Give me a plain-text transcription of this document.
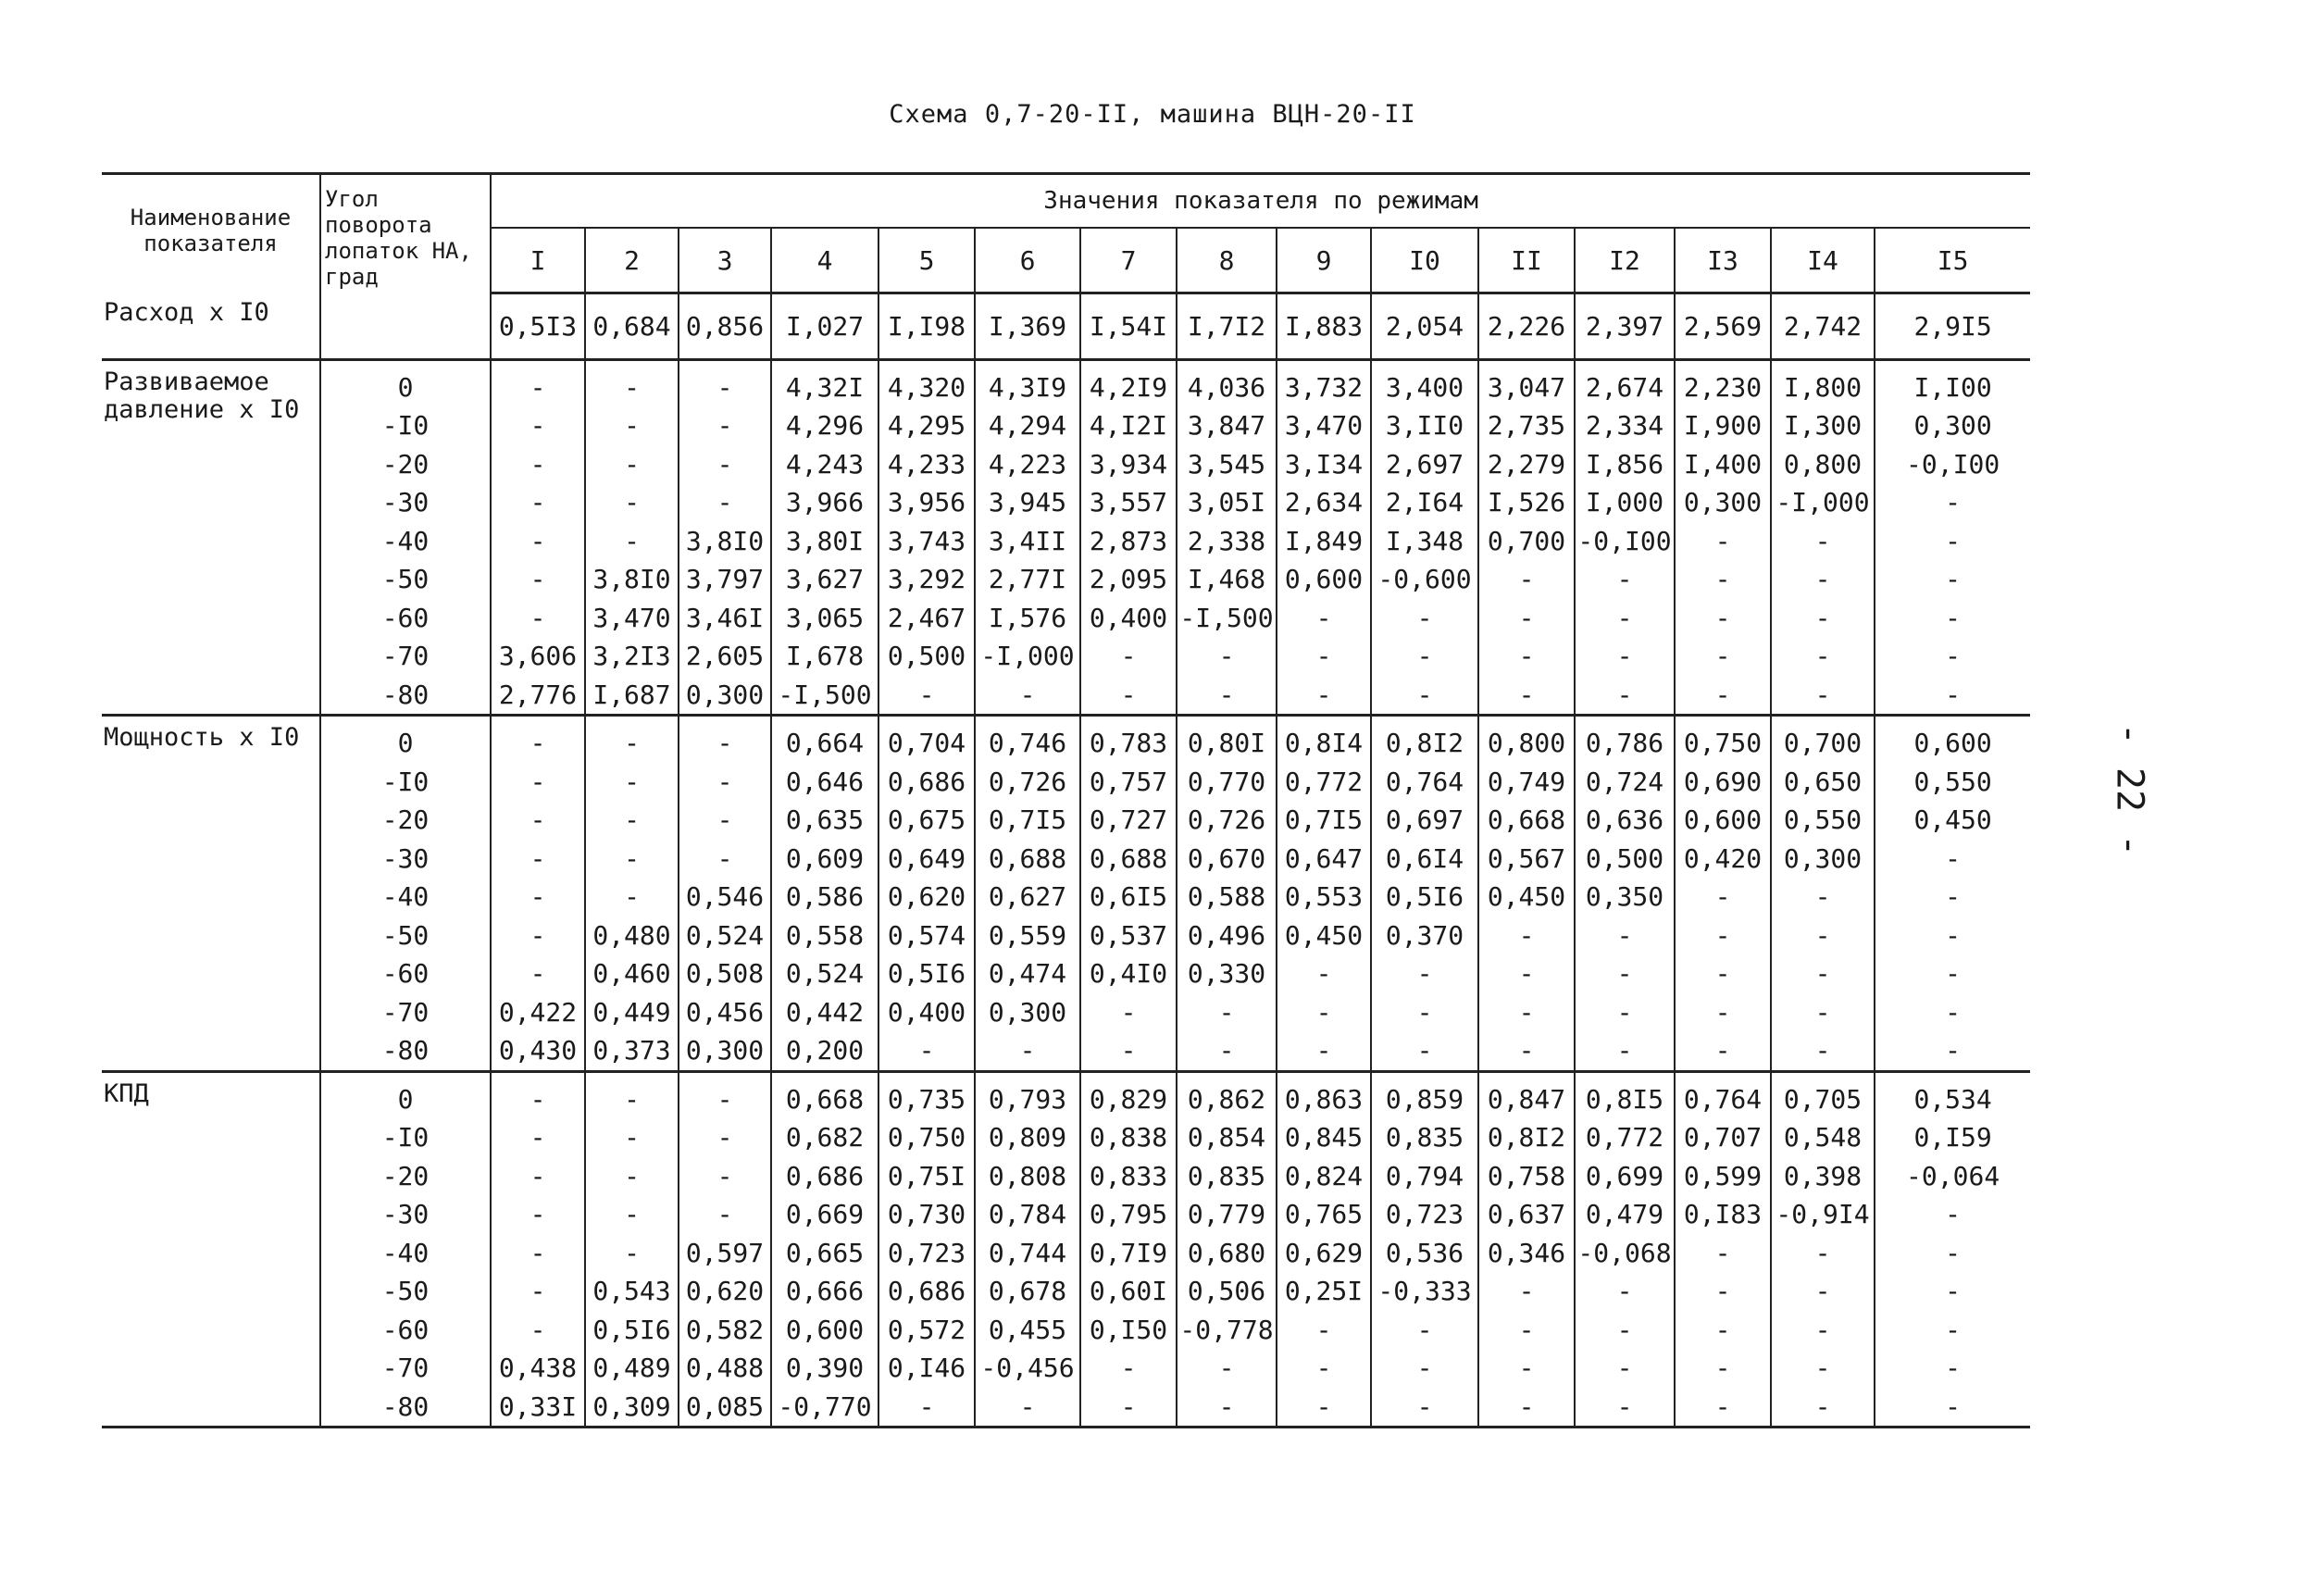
Схема 0,7-20-II, машина ВЦН-20-II
Наименование показателя	Угол поворота лопаток НА, град	Значения показателя по режимам														
		I	2	3	4	5	6	7	8	9	I0	II	I2	I3	I4	I5
Расход х I0		0,5I3	0,684	0,856	I,027	I,I98	I,369	I,54I	I,7I2	I,883	2,054	2,226	2,397	2,569	2,742	2,9I5
Развиваемое давление х I0	0	-	-	-	4,32I	4,320	4,3I9	4,2I9	4,036	3,732	3,400	3,047	2,674	2,230	I,800	I,I00
	-I0	-	-	-	4,296	4,295	4,294	4,I2I	3,847	3,470	3,II0	2,735	2,334	I,900	I,300	0,300
	-20	-	-	-	4,243	4,233	4,223	3,934	3,545	3,I34	2,697	2,279	I,856	I,400	0,800	-0,I00
	-30	-	-	-	3,966	3,956	3,945	3,557	3,05I	2,634	2,I64	I,526	I,000	0,300	-I,000	-
	-40	-	-	3,8I0	3,80I	3,743	3,4II	2,873	2,338	I,849	I,348	0,700	-0,I00	-	-	-
	-50	-	3,8I0	3,797	3,627	3,292	2,77I	2,095	I,468	0,600	-0,600	-	-	-	-	-
	-60	-	3,470	3,46I	3,065	2,467	I,576	0,400	-I,500	-	-	-	-	-	-	-
	-70	3,606	3,2I3	2,605	I,678	0,500	-I,000	-	-	-	-	-	-	-	-	-
	-80	2,776	I,687	0,300	-I,500	-	-	-	-	-	-	-	-	-	-	-
Мощность х I0	0	-	-	-	0,664	0,704	0,746	0,783	0,80I	0,8I4	0,8I2	0,800	0,786	0,750	0,700	0,600
	-I0	-	-	-	0,646	0,686	0,726	0,757	0,770	0,772	0,764	0,749	0,724	0,690	0,650	0,550
	-20	-	-	-	0,635	0,675	0,7I5	0,727	0,726	0,7I5	0,697	0,668	0,636	0,600	0,550	0,450
	-30	-	-	-	0,609	0,649	0,688	0,688	0,670	0,647	0,6I4	0,567	0,500	0,420	0,300	-
	-40	-	-	0,546	0,586	0,620	0,627	0,6I5	0,588	0,553	0,5I6	0,450	0,350	-	-	-
	-50	-	0,480	0,524	0,558	0,574	0,559	0,537	0,496	0,450	0,370	-	-	-	-	-
	-60	-	0,460	0,508	0,524	0,5I6	0,474	0,4I0	0,330	-	-	-	-	-	-	-
	-70	0,422	0,449	0,456	0,442	0,400	0,300	-	-	-	-	-	-	-	-	-
	-80	0,430	0,373	0,300	0,200	-	-	-	-	-	-	-	-	-	-	-
КПД	0	-	-	-	0,668	0,735	0,793	0,829	0,862	0,863	0,859	0,847	0,8I5	0,764	0,705	0,534
	-I0	-	-	-	0,682	0,750	0,809	0,838	0,854	0,845	0,835	0,8I2	0,772	0,707	0,548	0,I59
	-20	-	-	-	0,686	0,75I	0,808	0,833	0,835	0,824	0,794	0,758	0,699	0,599	0,398	-0,064
	-30	-	-	-	0,669	0,730	0,784	0,795	0,779	0,765	0,723	0,637	0,479	0,I83	-0,9I4	-
	-40	-	-	0,597	0,665	0,723	0,744	0,7I9	0,680	0,629	0,536	0,346	-0,068	-	-	-
	-50	-	0,543	0,620	0,666	0,686	0,678	0,60I	0,506	0,25I	-0,333	-	-	-	-	-
	-60	-	0,5I6	0,582	0,600	0,572	0,455	0,I50	-0,778	-	-	-	-	-	-	-
	-70	0,438	0,489	0,488	0,390	0,I46	-0,456	-	-	-	-	-	-	-	-	-
	-80	0,33I	0,309	0,085	-0,770	-	-	-	-	-	-	-	-	-	-	-
- 22 -
